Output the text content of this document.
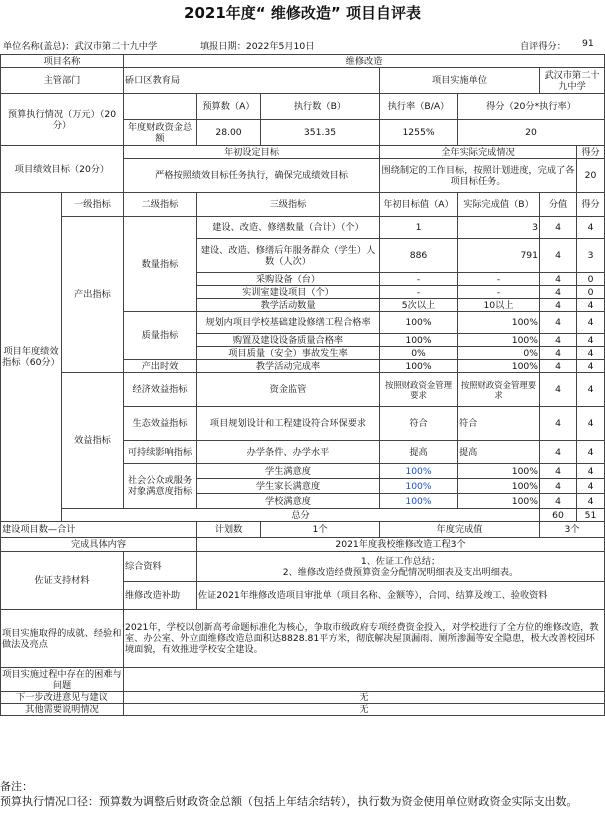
2021年度“ 维修改造” 项目自评表
单位名称(盖总)：武汉市第二十九中学	填报日期：2022年5月10日	自评得分： 91
项目名称		维修改造						
主管部门		硚口区教育局			项目实施单位		武汉市第二十九中学	
预算执行情况（万元）（20分）			预算数（A）	执行数（B）	执行率（B/A）	得分（20分*执行率）		
		年度财政资金总额	28.00	351.35	1255%	20		
项目绩效目标（20分）		年初设定目标			全年实际完成情况			得分
		严格按照绩效目标任务执行，确保完成绩效目标			围绕制定的工作目标，按照计划进度，完成了各项目标任务。			20
项目年度绩效指标（60分）	一级指标	二级指标	三级指标		年初目标值（A）	实际完成值（B）	分值	得分
	产出指标	数量指标	建设、改造、修缮数量（合计）（个）		1	3	4	4
			建设、改造、修缮后年服务群众（学生）人数（人次）		886	791	4	3
			采购设备（台）		-	-	4	0
			实训室建设项目（个）		-	-	4	0
			教学活动数量		5次以上	10以上	4	4
		质量指标	规划内项目学校基础建设修缮工程合格率		100%	100%	4	4
			购置及建设设备质量合格率		100%	100%	4	4
			项目质量（安全）事故发生率		0%	0%	4	4
		产出时效	教学活动完成率		100%	100%	4	4
	效益指标	经济效益指标	资金监管		按照财政资金管理要求	按照财政资金管理要求	4	4
		生态效益指标	项目规划设计和工程建设符合环保要求		符合	符合	4	4
		可持续影响指标	办学条件、办学水平		提高	提高	4	4
		社会公众或服务对象满意度指标	学生满意度		100%	100%	4	4
			学生家长满意度		100%	100%	4	4
			学校满意度		100%	100%	4	4
	总分						60	51
建设项目数—合计			计划数	1个	年度完成值		3个	
完成具体内容			2021年度我校维修改造工程3个					
佐证支持材料		综合资料	1、佐证工作总结；
2、维修改造经费预算资金分配情况明细表及支出明细表。					
		维修改造补助	佐证2021年维修改造项目审批单（项目名称、金额等），合同、结算及竣工、验收资料					
项目实施取得的成就、经验和做法及亮点		2021年，学校以创新高考命题标准化为核心，争取市级政府专项经费资金投入，对学校进行了全方位的维修改造，教室、办公室、外立面维修改造总面积达8828.81平方米，彻底解决屋顶漏雨、厕所渗漏等安全隐患，极大改善校园环境面貌，有效推进学校安全建设。						
项目实施过程中存在的困难与问题								
下一步改进意见与建议		无						
其他需要说明情况		无						
备注：
预算执行情况口径：预算数为调整后财政资金总额（包括上年结余结转），执行数为资金使用单位财政资金实际支出数。
